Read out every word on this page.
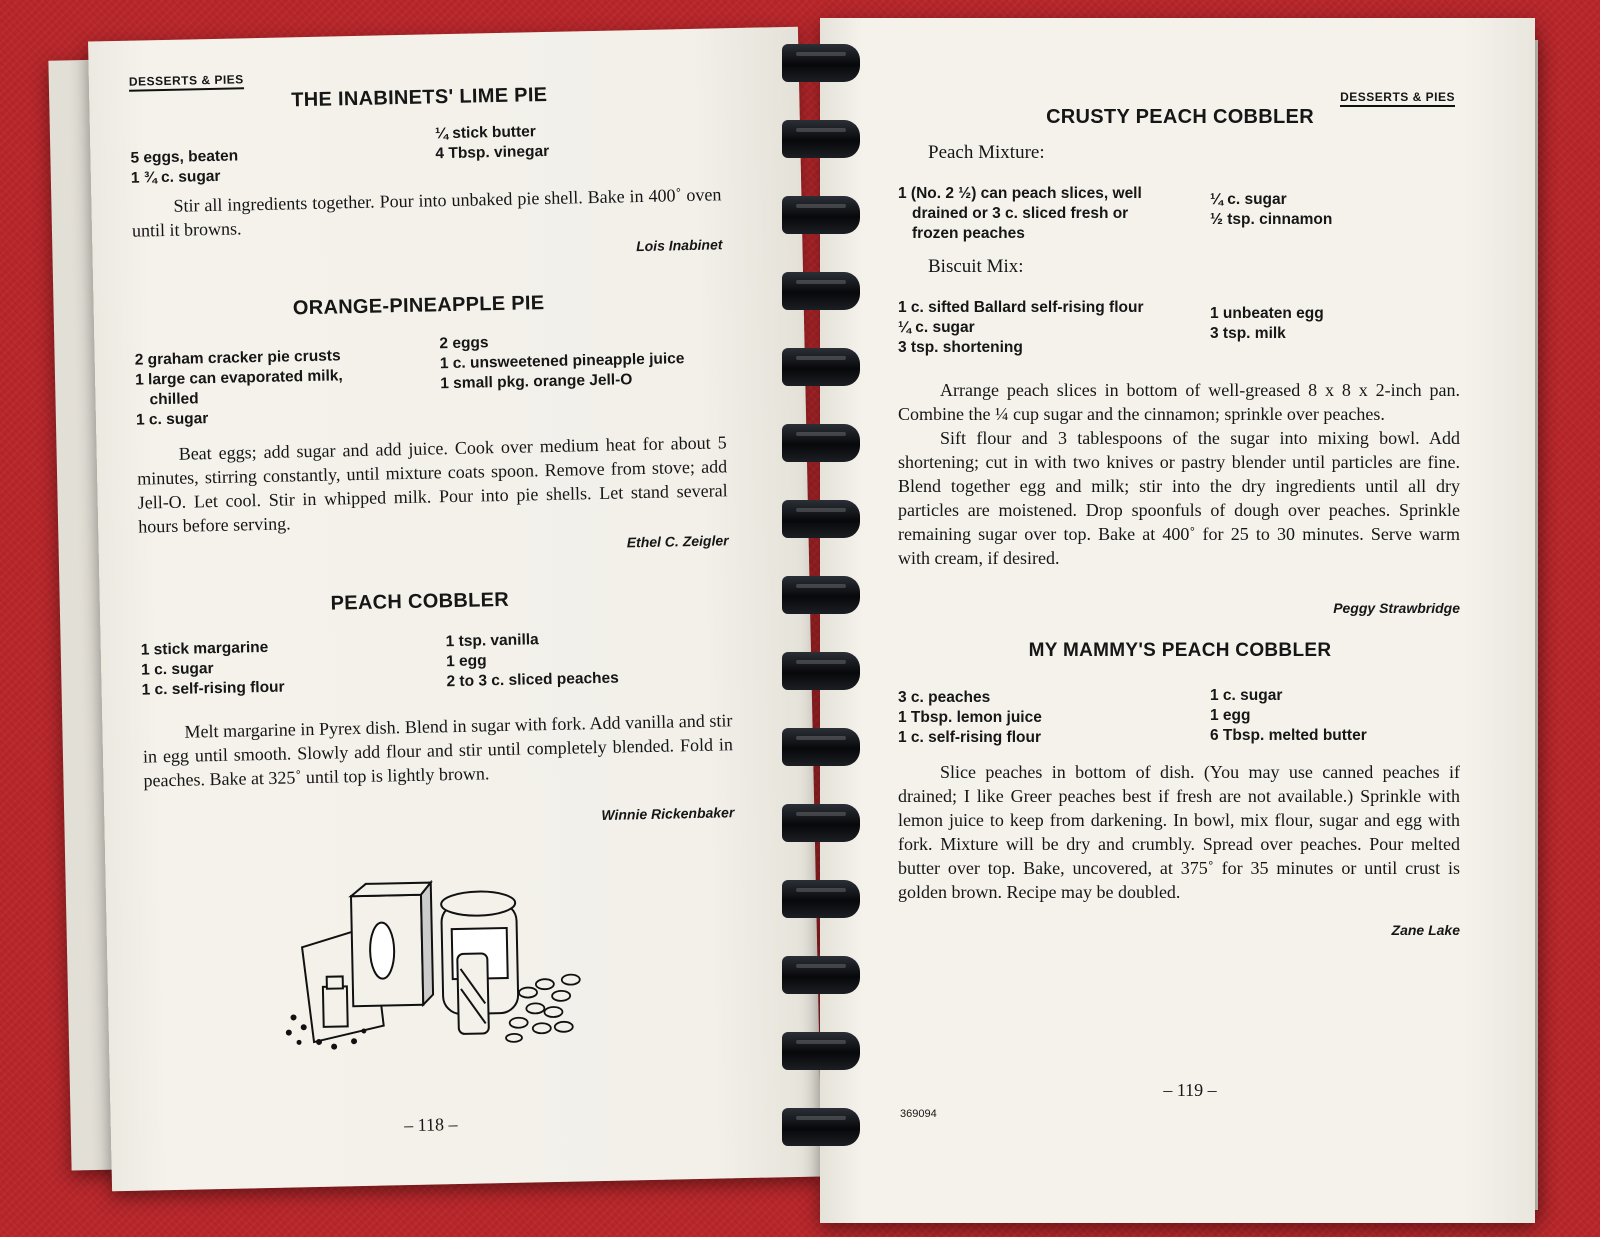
DESSERTS & PIES
THE INABINETS' LIME PIE
5 eggs, beaten
1 ¾ c. sugar
¼ stick butter
4 Tbsp. vinegar

Stir all ingredients together. Pour into unbaked pie shell. Bake in 400˚ oven until it browns.

Lois Inabinet
ORANGE-PINEAPPLE PIE
2 graham cracker pie crusts
1 large can evaporated milk,
chilled
1 c. sugar
2 eggs
1 c. unsweetened pineapple juice
1 small pkg. orange Jell-O

Beat eggs; add sugar and add juice. Cook over medium heat for about 5 minutes, stirring constantly, until mixture coats spoon. Remove from stove; add Jell-O. Let cool. Stir in whipped milk. Pour into pie shells. Let stand several hours before serving.

Ethel C. Zeigler
PEACH COBBLER
1 stick margarine
1 c. sugar
1 c. self-rising flour
1 tsp. vanilla
1 egg
2 to 3 c. sliced peaches

Melt margarine in Pyrex dish. Blend in sugar with fork. Add vanilla and stir in egg until smooth. Slowly add flour and stir until completely blended. Fold in peaches. Bake at 325˚ until top is lightly brown.

Winnie Rickenbaker
– 118 –
DESSERTS & PIES
CRUSTY PEACH COBBLER
Peach Mixture:
1 (No. 2 ½) can peach slices, well
drained or 3 c. sliced fresh or
frozen peaches
¼ c. sugar
½ tsp. cinnamon
Biscuit Mix:
1 c. sifted Ballard self-rising flour
¼ c. sugar
3 tsp. shortening
1 unbeaten egg
3 tsp. milk

Arrange peach slices in bottom of well-greased 8 x 8 x 2-inch pan. Combine the ¼ cup sugar and the cinnamon; sprinkle over peaches.

Sift flour and 3 tablespoons of the sugar into mixing bowl. Add shortening; cut in with two knives or pastry blender until particles are fine. Blend together egg and milk; stir into the dry ingredients until all dry particles are moistened. Drop spoonfuls of dough over peaches. Sprinkle remaining sugar over top. Bake at 400˚ for 25 to 30 minutes. Serve warm with cream, if desired.

Peggy Strawbridge
MY MAMMY'S PEACH COBBLER
3 c. peaches
1 Tbsp. lemon juice
1 c. self-rising flour
1 c. sugar
1 egg
6 Tbsp. melted butter

Slice peaches in bottom of dish. (You may use canned peaches if drained; I like Greer peaches best if fresh are not available.) Sprinkle with lemon juice to keep from darkening. In bowl, mix flour, sugar and egg with fork. Mixture will be dry and crumbly. Spread over peaches. Pour melted butter over top. Bake, uncovered, at 375˚ for 35 minutes or until crust is golden brown. Recipe may be doubled.

Zane Lake
369094
– 119 –
